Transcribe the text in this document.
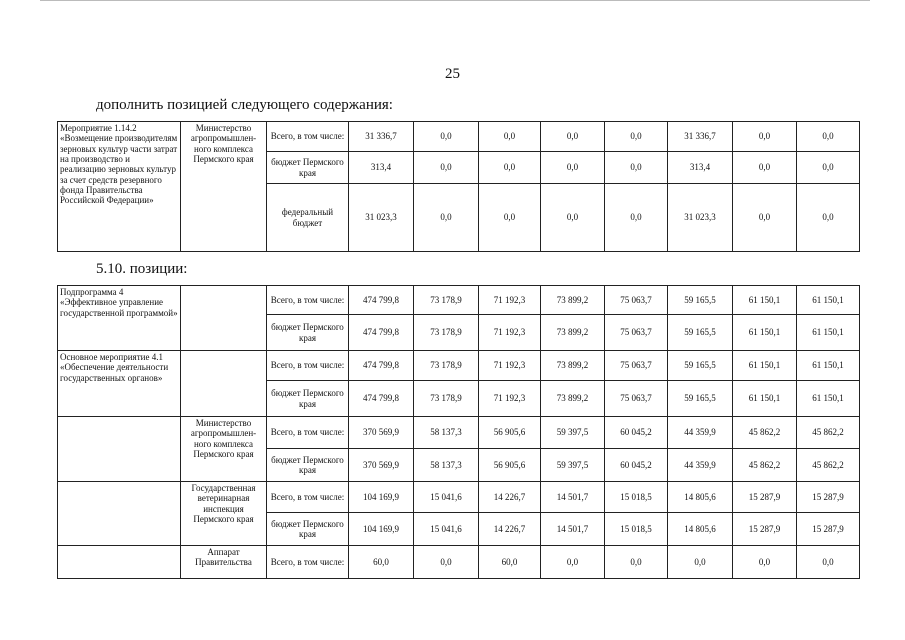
25
дополнить позицией следующего содержания:
Мероприятие 1.14.2 «Возмещение производителям зерновых культур части затрат на производство и реализацию зерновых культур за счет средств резервного фонда Правительства Российской Федерации»	Министерство агропромышлен-ного комплекса Пермского края	Всего, в том числе:	31 336,7	0,0	0,0	0,0	0,0	31 336,7	0,0	0,0
		бюджет Пермского края	313,4	0,0	0,0	0,0	0,0	313,4	0,0	0,0
		федеральный бюджет	31 023,3	0,0	0,0	0,0	0,0	31 023,3	0,0	0,0
5.10. позиции:
Подпрограмма 4 «Эффективное управление государственной программой»		Всего, в том числе:	474 799,8	73 178,9	71 192,3	73 899,2	75 063,7	59 165,5	61 150,1	61 150,1
		бюджет Пермского края	474 799,8	73 178,9	71 192,3	73 899,2	75 063,7	59 165,5	61 150,1	61 150,1
Основное мероприятие 4.1 «Обеспечение деятельности государственных органов»		Всего, в том числе:	474 799,8	73 178,9	71 192,3	73 899,2	75 063,7	59 165,5	61 150,1	61 150,1
		бюджет Пермского края	474 799,8	73 178,9	71 192,3	73 899,2	75 063,7	59 165,5	61 150,1	61 150,1
	Министерство агропромышлен-ного комплекса Пермского края	Всего, в том числе:	370 569,9	58 137,3	56 905,6	59 397,5	60 045,2	44 359,9	45 862,2	45 862,2
		бюджет Пермского края	370 569,9	58 137,3	56 905,6	59 397,5	60 045,2	44 359,9	45 862,2	45 862,2
	Государственная ветеринарная инспекция Пермского края	Всего, в том числе:	104 169,9	15 041,6	14 226,7	14 501,7	15 018,5	14 805,6	15 287,9	15 287,9
		бюджет Пермского края	104 169,9	15 041,6	14 226,7	14 501,7	15 018,5	14 805,6	15 287,9	15 287,9
	Аппарат Правительства	Всего, в том числе:	60,0	0,0	60,0	0,0	0,0	0,0	0,0	0,0
